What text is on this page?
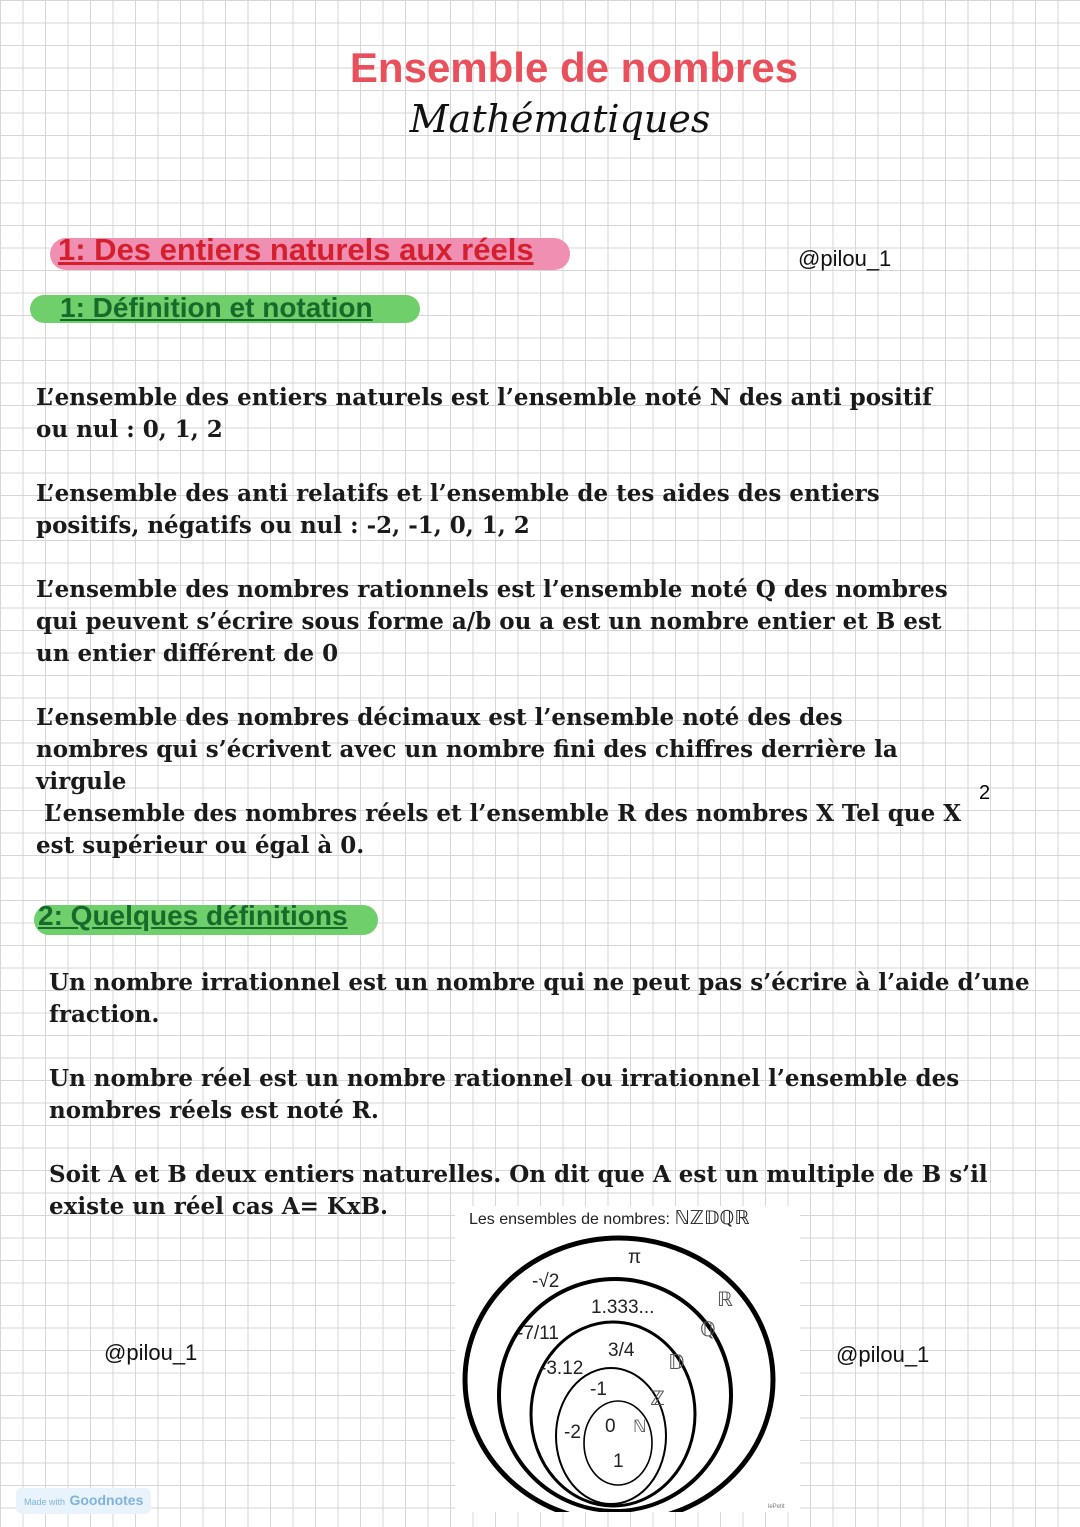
Ensemble de nombres
Mathématiques
1: Des entiers naturels aux réels	@pilou_1
1: Définition et notation
L’ensemble des entiers naturels est l’ensemble noté N des anti positif
ou nul : 0, 1, 2
L’ensemble des anti relatifs et l’ensemble de tes aides des entiers
positifs, négatifs ou nul : -2, -1, 0, 1, 2
L’ensemble des nombres rationnels est l’ensemble noté Q des nombres
qui peuvent s’écrire sous forme a/b ou a est un nombre entier et B est
un entier différent de 0
L’ensemble des nombres décimaux est l’ensemble noté des des
nombres qui s’écrivent avec un nombre fini des chiffres derrière la
virgule
L’ensemble des nombres réels et l’ensemble R des nombres X Tel que X
est supérieur ou égal à 0.
2
2: Quelques définitions
Un nombre irrationnel est un nombre qui ne peut pas s’écrire à l’aide d’une
fraction.
Un nombre réel est un nombre rationnel ou irrationnel l’ensemble des
nombres réels est noté R.
Soit A et B deux entiers naturelles. On dit que A est un multiple de B s’il
existe un réel cas A= KxB.
@pilou_1	@pilou_1
Les ensembles de nombres: ℕℤ𝔻ℚℝ
ℝ
ℚ
𝔻
ℤ
ℕ
π
-√2
1.333...
-7/11
3/4
-3.12
-1
-2 0
1
lePetit
Made with Goodnotes
